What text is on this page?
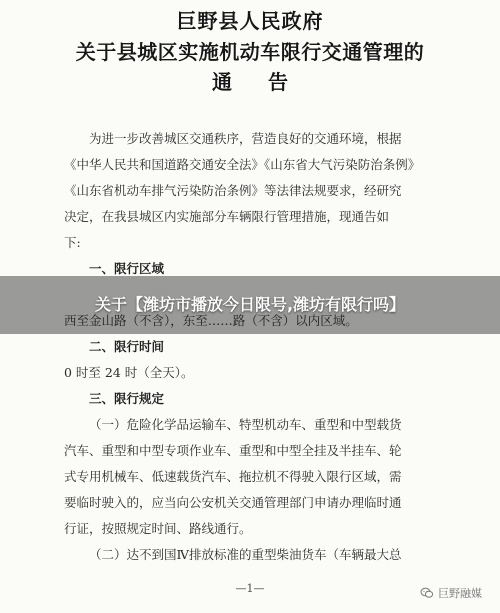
巨野县人民政府
关于县城区实施机动车限行交通管理的
通告

为进一步改善城区交通秩序，营造良好的交通环境，根据

《中华人民共和国道路交通安全法》《山东省大气污染防治条例》

《山东省机动车排气污染防治条例》等法律法规要求，经研究

决定，在我县城区内实施部分车辆限行管理措施，现通告如

下:

一、限行区域

西至金山路（不含），东至……路（不含）以内区域。

二、限行时间

0 时至 24 时（全天）。

三、限行规定

（一）危险化学品运输车、特型机动车、重型和中型载货

汽车、重型和中型专项作业车、重型和中型全挂及半挂车、轮

式专用机械车、低速载货汽车、拖拉机不得驶入限行区域，需

要临时驶入的，应当向公安机关交通管理部门申请办理临时通

行证，按照规定时间、路线通行。

（二）达不到国Ⅳ排放标准的重型柴油货车（车辆最大总

—1—
关于【潍坊市播放今日限号,潍坊有限行吗】
巨野融媒
